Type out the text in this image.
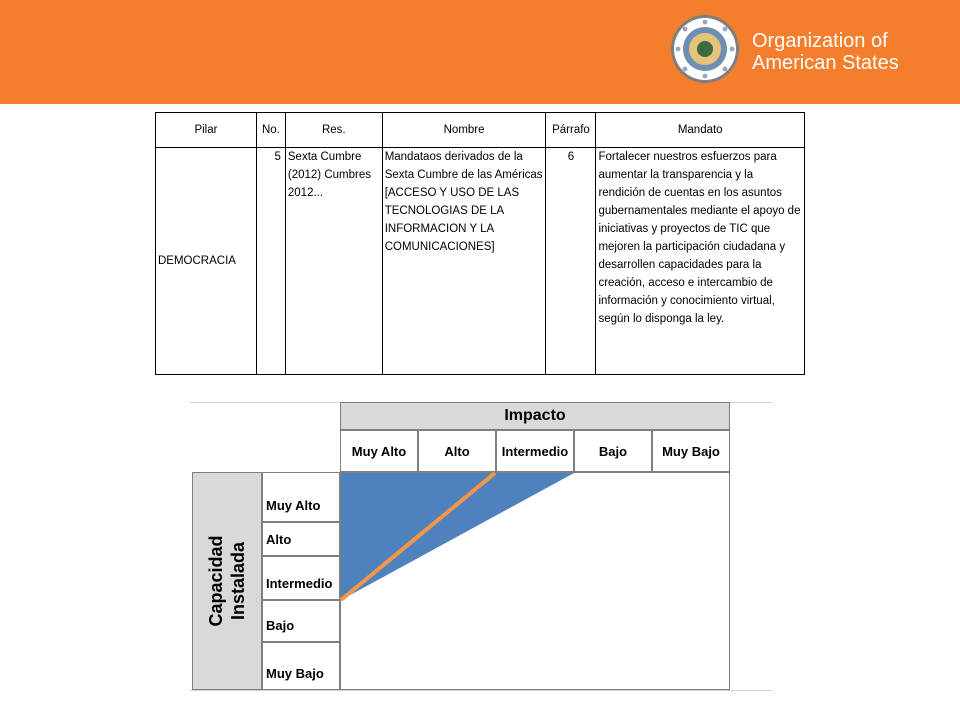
Organization of
American States
Pilar	No.	Res.	Nombre	Párrafo	Mandato
DEMOCRACIA	5	Sexta Cumbre (2012) Cumbres 2012...	Mandataos derivados de la Sexta Cumbre de las Américas [ACCESO Y USO DE LAS TECNOLOGIAS DE LA INFORMACION Y LA COMUNICACIONES]	6	Fortalecer nuestros esfuerzos para aumentar la transparencia y la rendición de cuentas en los asuntos gubernamentales mediante el apoyo de iniciativas y proyectos de TIC que mejoren la participación ciudadana y desarrollen capacidades para la creación, acceso e intercambio de información y conocimiento virtual, según lo disponga la ley.
Impacto
Muy Alto	Alto	Intermedio	Bajo	Muy Bajo
Muy Alto
Alto
Intermedio
Bajo
Muy Bajo
Capacidad
Instalada
